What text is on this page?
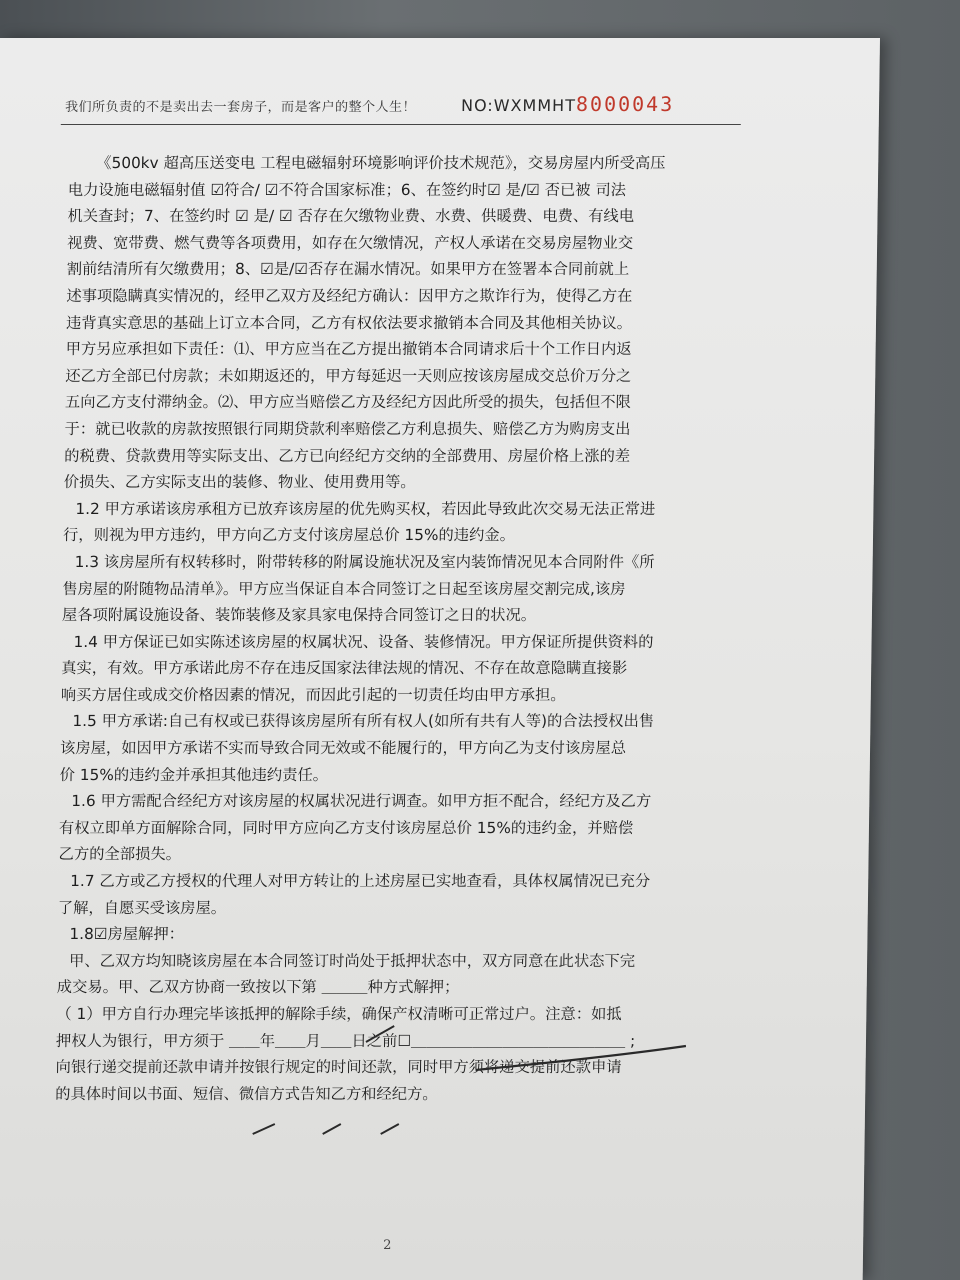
我们所负责的不是卖出去一套房子，而是客户的整个人生！	NO:WXMMHT8000043
《500kv 超高压送变电 工程电磁辐射环境影响评价技术规范》，交易房屋内所受高压
电力设施电磁辐射值 ☑符合/ ☑不符合国家标准；6、在签约时☑ 是/☑ 否已被 司法
机关查封；7、在签约时 ☑ 是/ ☑ 否存在欠缴物业费、水费、供暖费、电费、有线电
视费、宽带费、燃气费等各项费用，如存在欠缴情况，产权人承诺在交易房屋物业交
割前结清所有欠缴费用；8、☑是/☑否存在漏水情况。如果甲方在签署本合同前就上
述事项隐瞒真实情况的，经甲乙双方及经纪方确认：因甲方之欺诈行为，使得乙方在
违背真实意思的基础上订立本合同，乙方有权依法要求撤销本合同及其他相关协议。
甲方另应承担如下责任：⑴、甲方应当在乙方提出撤销本合同请求后十个工作日内返
还乙方全部已付房款；未如期返还的，甲方每延迟一天则应按该房屋成交总价万分之
五向乙方支付滞纳金。⑵、甲方应当赔偿乙方及经纪方因此所受的损失，包括但不限
于：就已收款的房款按照银行同期贷款利率赔偿乙方利息损失、赔偿乙方为购房支出
的税费、贷款费用等实际支出、乙方已向经纪方交纳的全部费用、房屋价格上涨的差
价损失、乙方实际支出的装修、物业、使用费用等。
1.2 甲方承诺该房承租方已放弃该房屋的优先购买权，若因此导致此次交易无法正常进
行，则视为甲方违约，甲方向乙方支付该房屋总价 15%的违约金。
1.3 该房屋所有权转移时，附带转移的附属设施状况及室内装饰情况见本合同附件《所
售房屋的附随物品清单》。甲方应当保证自本合同签订之日起至该房屋交割完成,该房
屋各项附属设施设备、装饰装修及家具家电保持合同签订之日的状况。
1.4 甲方保证已如实陈述该房屋的权属状况、设备、装修情况。甲方保证所提供资料的
真实，有效。甲方承诺此房不存在违反国家法律法规的情况、不存在故意隐瞒直接影
响买方居住或成交价格因素的情况，而因此引起的一切责任均由甲方承担。
1.5 甲方承诺:自己有权或已获得该房屋所有所有权人(如所有共有人等)的合法授权出售
该房屋，如因甲方承诺不实而导致合同无效或不能履行的，甲方向乙为支付该房屋总
价 15%的违约金并承担其他违约责任。
1.6 甲方需配合经纪方对该房屋的权属状况进行调查。如甲方拒不配合，经纪方及乙方
有权立即单方面解除合同，同时甲方应向乙方支付该房屋总价 15%的违约金，并赔偿
乙方的全部损失。
1.7 乙方或乙方授权的代理人对甲方转让的上述房屋已实地查看，具体权属情况已充分
了解，自愿买受该房屋。
1.8☑房屋解押：
甲、乙双方均知晓该房屋在本合同签订时尚处于抵押状态中，双方同意在此状态下完
成交易。甲、乙双方协商一致按以下第 ＿＿＿种方式解押；
（ 1）甲方自行办理完毕该抵押的解除手续，确保产权清晰可正常过户。注意：如抵
押权人为银行，甲方须于 ＿＿年＿＿月＿＿日之前☐＿＿＿＿＿＿＿＿＿＿＿＿＿＿ ;
向银行递交提前还款申请并按银行规定的时间还款，同时甲方须将递交提前还款申请
的具体时间以书面、短信、微信方式告知乙方和经纪方。
2
